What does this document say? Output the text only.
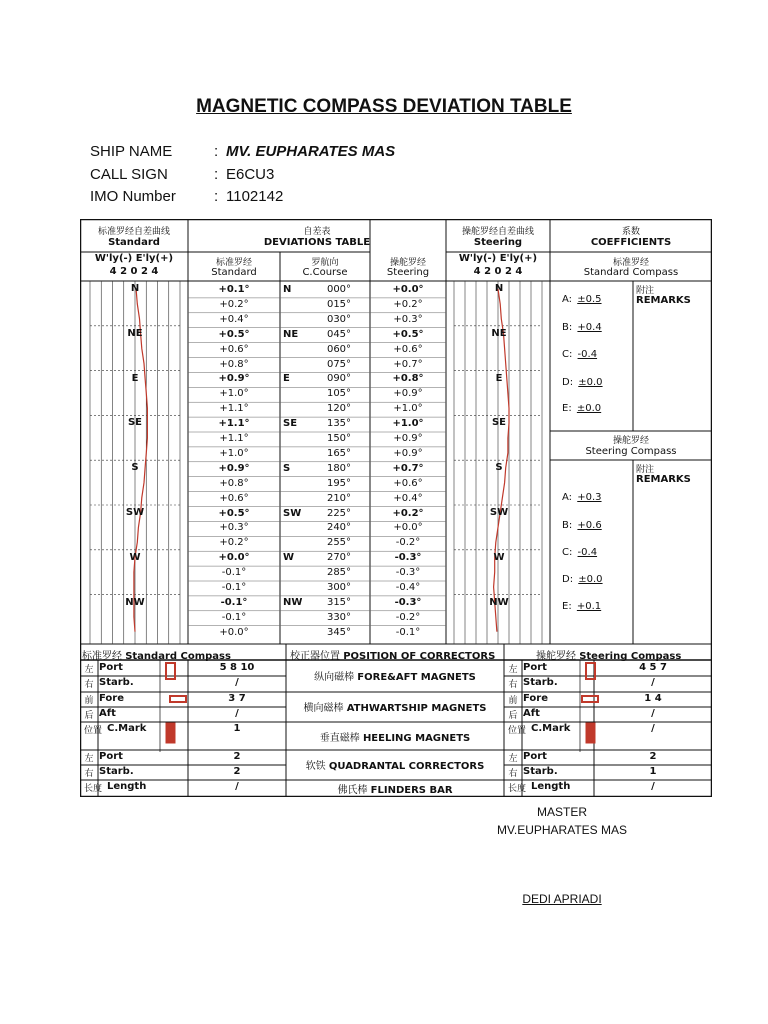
MAGNETIC COMPASS DEVIATION TABLE
SHIP NAME	: MV. EUPHARATES MAS
CALL SIGN	: E6CU3
IMO Number	: 1102142
标准罗经自差曲线
Standard
W'ly(-) E'ly(+)
4 2 0 2 4
自差表
DEVIATIONS TABLE
标准罗经
Standard
罗航向
C.Course
操舵罗经
Steering
操舵罗经自差曲线
Steering
W'ly(-) E'ly(+)
4 2 0 2 4
系数
COEFFICIENTS
标准罗经
Standard Compass
附注
REMARKS
操舵罗经
Steering Compass
附注
REMARKS
A: ±0.5
B: +0.4
C: -0.4
D: ±0.0
E: ±0.0
A: +0.3
B: +0.6
C: -0.4
D: ±0.0
E: +0.1
+0.1°	N	000°	+0.0°
+0.2°	015°	+0.2°
+0.4°	030°	+0.3°
+0.5°	NE	045°	+0.5°
+0.6°	060°	+0.6°
+0.8°	075°	+0.7°
+0.9°	E	090°	+0.8°
+1.0°	105°	+0.9°
+1.1°	120°	+1.0°
+1.1°	SE	135°	+1.0°
+1.1°	150°	+0.9°
+1.0°	165°	+0.9°
+0.9°	S	180°	+0.7°
+0.8°	195°	+0.6°
+0.6°	210°	+0.4°
+0.5°	SW	225°	+0.2°
+0.3°	240°	+0.0°
+0.2°	255°	-0.2°
+0.0°	W	270°	-0.3°
-0.1°	285°	-0.3°
-0.1°	300°	-0.4°
-0.1°	NW	315°	-0.3°
-0.1°	330°	-0.2°
+0.0°	345°	-0.1°
N	N
NE	NE
E	E
SE	SE
S	S
SW	SW
W	W
NW	NW
标准罗经 Standard Compass	校正器位置 POSITION OF CORRECTORS	操舵罗经 Steering Compass
左 Port	5 8 10	左 Port	4 5 7
右 Starb.	/	右 Starb.	/
前 Fore	3 7	前 Fore	1 4
后 Aft	/	后 Aft	/
位置 C.Mark	1	位置 C.Mark	/
左 Port	2	左 Port	2
右 Starb.	2	右 Starb.	1
长度 Length	/	长度 Length	/
纵向磁棒 FORE&AFT MAGNETS
横向磁棒 ATHWARTSHIP MAGNETS
垂直磁棒 HEELING MAGNETS
软铁 QUADRANTAL CORRECTORS
佛氏棒 FLINDERS BAR
MASTER
MV.EUPHARATES MAS
DEDI APRIADI
